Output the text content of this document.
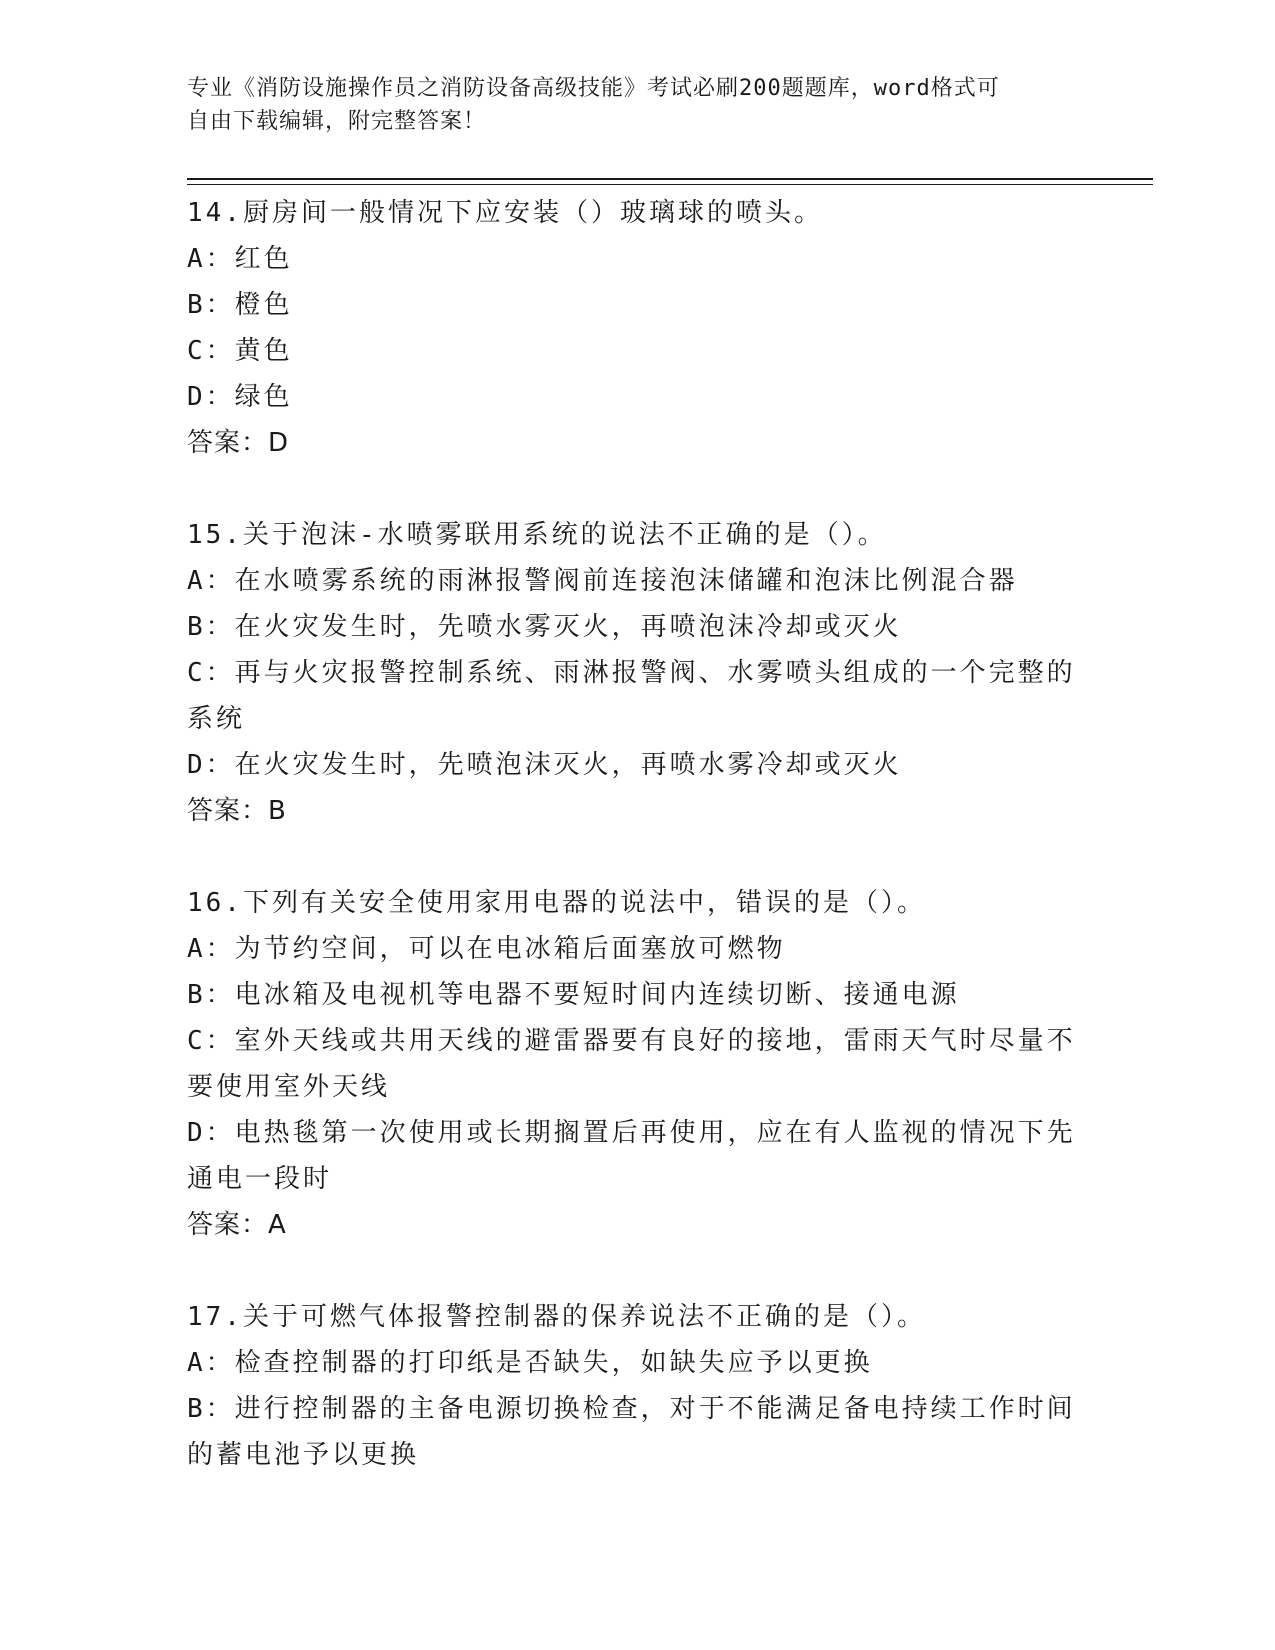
专业《消防设施操作员之消防设备高级技能》考试必刷200题题库，word格式可
自由下载编辑，附完整答案！
14.厨房间一般情况下应安装（）玻璃球的喷头。
A：红色
B：橙色
C：黄色
D：绿色
答案：D
15.关于泡沫-水喷雾联用系统的说法不正确的是（）。
A：在水喷雾系统的雨淋报警阀前连接泡沫储罐和泡沫比例混合器
B：在火灾发生时，先喷水雾灭火，再喷泡沫冷却或灭火
C：再与火灾报警控制系统、雨淋报警阀、水雾喷头组成的一个完整的
系统
D：在火灾发生时，先喷泡沫灭火，再喷水雾冷却或灭火
答案：B
16.下列有关安全使用家用电器的说法中，错误的是（）。
A：为节约空间，可以在电冰箱后面塞放可燃物
B：电冰箱及电视机等电器不要短时间内连续切断、接通电源
C：室外天线或共用天线的避雷器要有良好的接地，雷雨天气时尽量不
要使用室外天线
D：电热毯第一次使用或长期搁置后再使用，应在有人监视的情况下先
通电一段时
答案：A
17.关于可燃气体报警控制器的保养说法不正确的是（）。
A：检查控制器的打印纸是否缺失，如缺失应予以更换
B：进行控制器的主备电源切换检查，对于不能满足备电持续工作时间
的蓄电池予以更换
